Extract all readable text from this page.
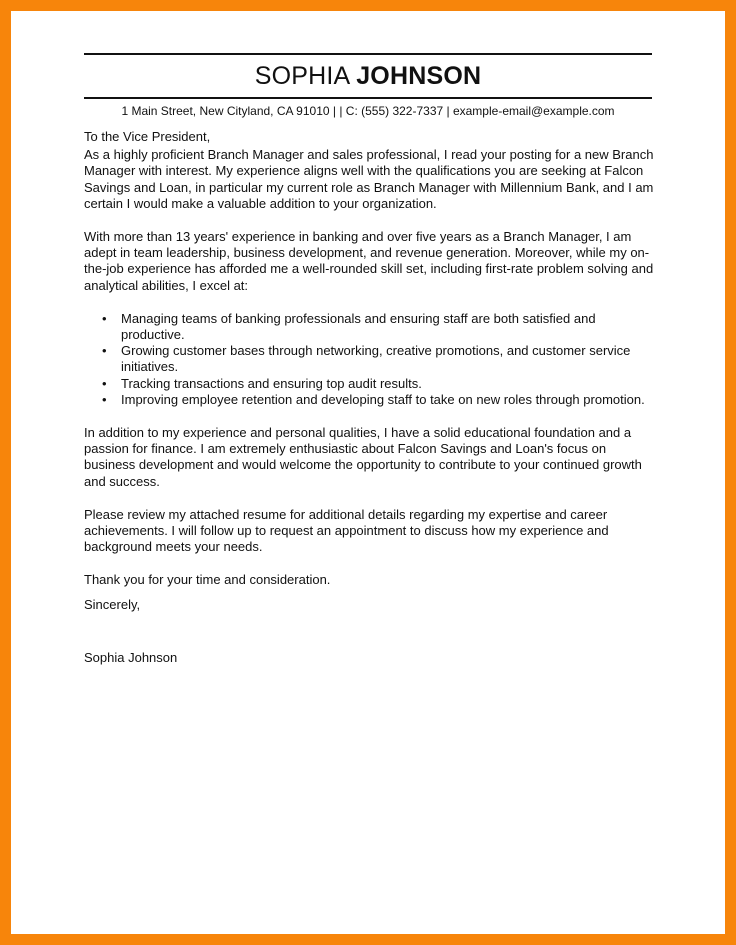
SOPHIA JOHNSON
1 Main Street, New Cityland, CA 91010 | | C: (555) 322-7337 | example-email@example.com

To the Vice President,

As a highly proficient Branch Manager and sales professional, I read your posting for a new Branch Manager with interest. My experience aligns well with the qualifications you are seeking at Falcon Savings and Loan, in particular my current role as Branch Manager with Millennium Bank, and I am certain I would make a valuable addition to your organization.

With more than 13 years' experience in banking and over five years as a Branch Manager, I am adept in team leadership, business development, and revenue generation. Moreover, while my on-the-job experience has afforded me a well-rounded skill set, including first-rate problem solving and analytical abilities, I excel at:

• Managing teams of banking professionals and ensuring staff are both satisfied and productive.
• Growing customer bases through networking, creative promotions, and customer service initiatives.
• Tracking transactions and ensuring top audit results.
• Improving employee retention and developing staff to take on new roles through promotion.

In addition to my experience and personal qualities, I have a solid educational foundation and a passion for finance. I am extremely enthusiastic about Falcon Savings and Loan's focus on business development and would welcome the opportunity to contribute to your continued growth and success.

Please review my attached resume for additional details regarding my expertise and career achievements. I will follow up to request an appointment to discuss how my experience and background meets your needs.

Thank you for your time and consideration.

Sincerely,

Sophia Johnson
